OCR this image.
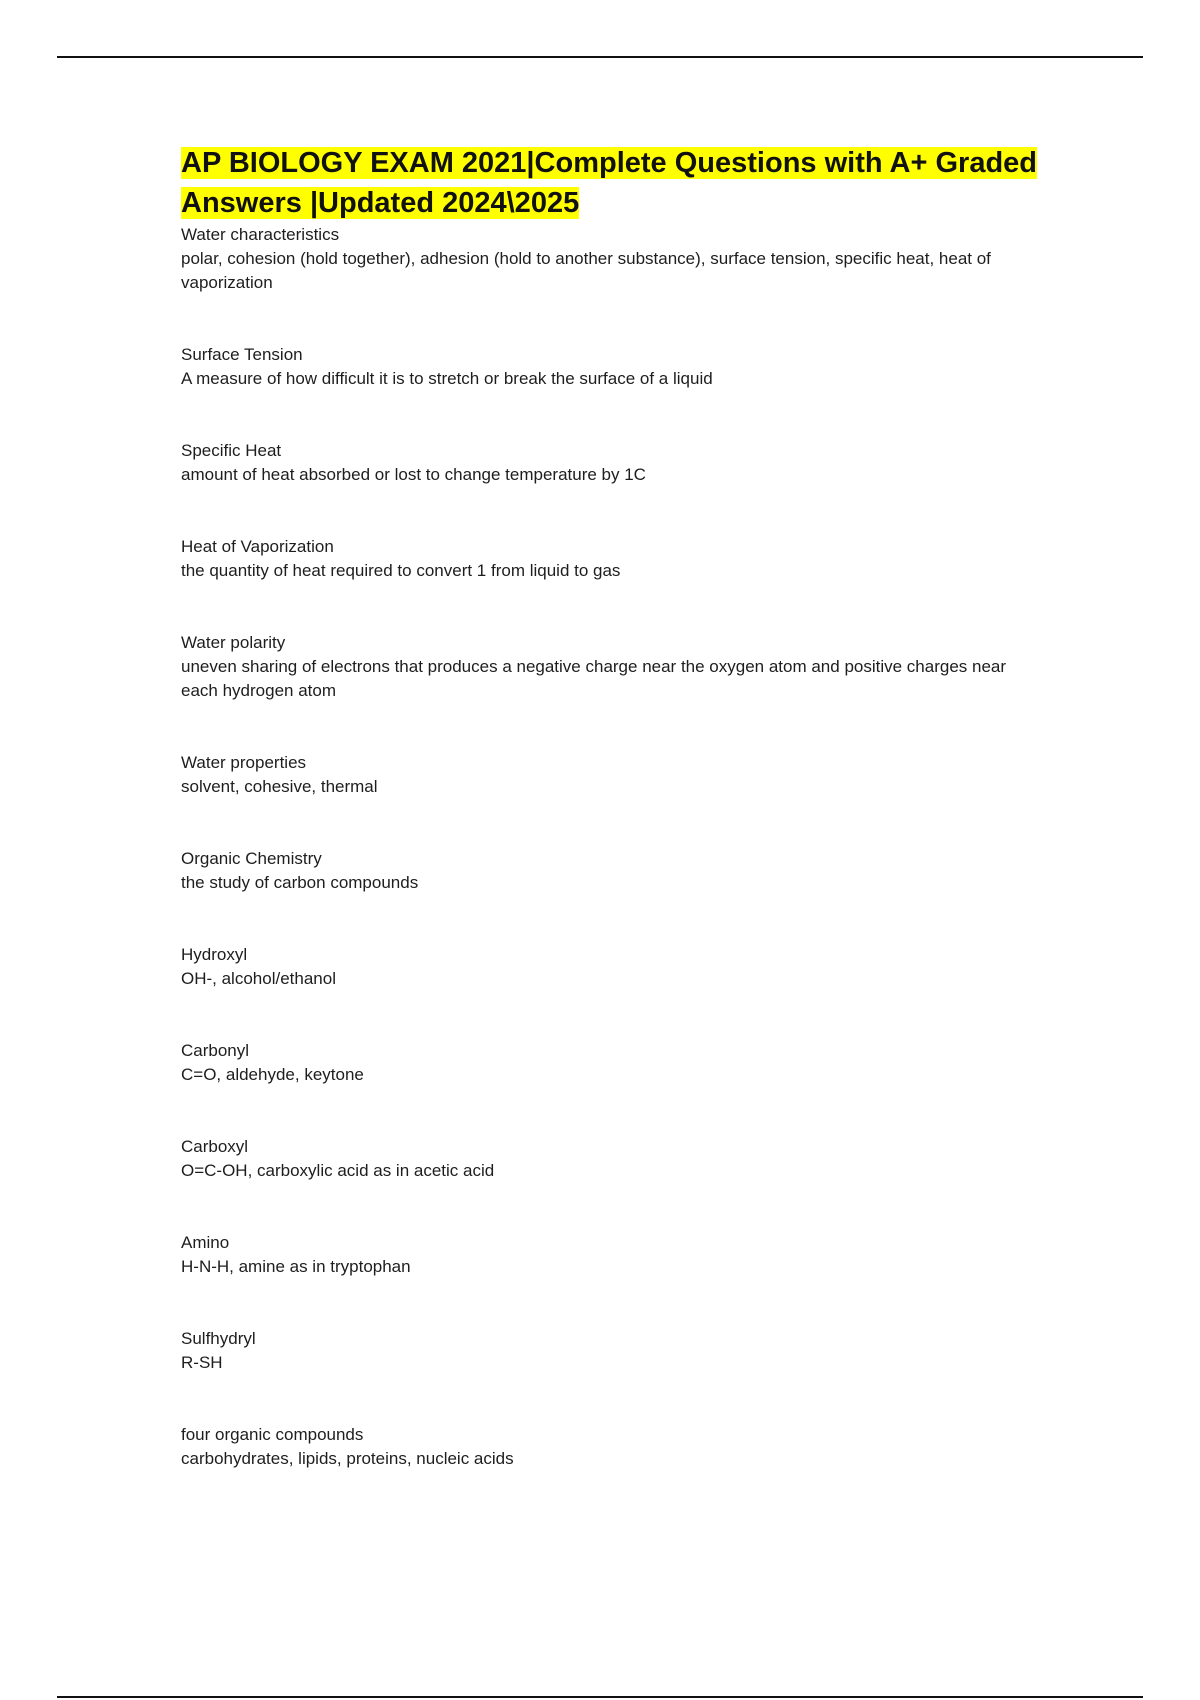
AP BIOLOGY EXAM 2021|Complete Questions with A+ Graded
Answers |Updated 2024\2025
Water characteristics
polar, cohesion (hold together), adhesion (hold to another substance), surface tension, specific heat, heat of vaporization
Surface Tension
A measure of how difficult it is to stretch or break the surface of a liquid
Specific Heat
amount of heat absorbed or lost to change temperature by 1C
Heat of Vaporization
the quantity of heat required to convert 1 from liquid to gas
Water polarity
uneven sharing of electrons that produces a negative charge near the oxygen atom and positive charges near each hydrogen atom
Water properties
solvent, cohesive, thermal
Organic Chemistry
the study of carbon compounds
Hydroxyl
OH-, alcohol/ethanol
Carbonyl
C=O, aldehyde, keytone
Carboxyl
O=C-OH, carboxylic acid as in acetic acid
Amino
H-N-H, amine as in tryptophan
Sulfhydryl
R-SH
four organic compounds
carbohydrates, lipids, proteins, nucleic acids
